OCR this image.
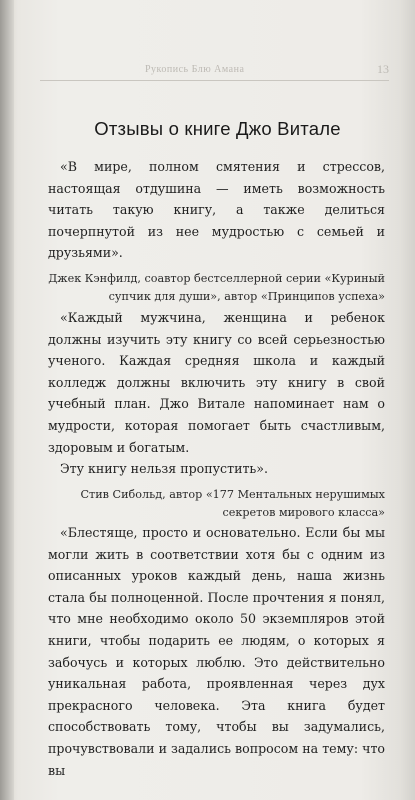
Рукопись Блю Амана	13
Отзывы о книге Джо Витале

«В мире, полном смятения и стрессов, настоящая отдушина — иметь возможность читать такую книгу, а также делиться почерпнутой из нее мудростью с семьей и друзьями».

Джек Кэнфилд, соавтор бестселлерной серии «Куриный
супчик для души», автор «Принципов успеха»

«Каждый мужчина, женщина и ребенок должны изучить эту книгу со всей серьезностью ученого. Каждая средняя школа и каждый колледж должны включить эту книгу в свой учебный план. Джо Витале напоминает нам о мудрости, которая помогает быть счастливым, здоровым и богатым.

Эту книгу нельзя пропустить».

Стив Сибольд, автор «177 Ментальных нерушимых
секретов мирового класса»

«Блестяще, просто и основательно. Если бы мы могли жить в соответствии хотя бы с одним из описанных уроков каждый день, наша жизнь стала бы полноценной. После прочтения я понял, что мне необходимо около 50 экземпляров этой книги, чтобы подарить ее людям, о которых я забочусь и которых люблю. Это действительно уникальная работа, проявленная через дух прекрасного человека. Эта книга будет способствовать тому, чтобы вы задумались, прочувствовали и задались вопросом на тему: что вы
